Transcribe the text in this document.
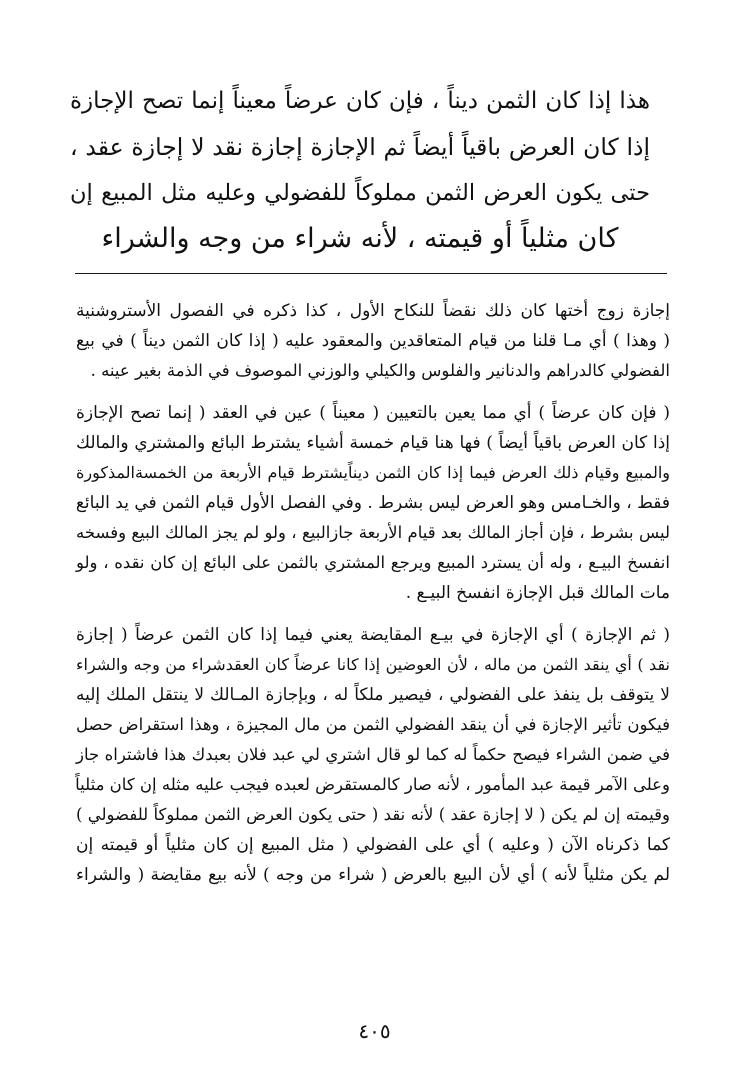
هذا إذا كان الثمن ديناً ، فإن كان عرضاً معيناً إنما تصح الإجازة
إذا كان العرض باقياً أيضاً ثم الإجازة إجازة نقد لا إجازة عقد ،
حتى يكون العرض الثمن مملوكاً للفضولي وعليه مثل المبيع إن
كان مثلياً أو قيمته ، لأنه شراء من وجه والشراء
إجازة زوج أختها كان ذلك نقضاً للنكاح الأول ، كذا ذكره في الفصول الأستروشنية
( وهذا ) أي مـا قلنا من قيام المتعاقدين والمعقود عليه ( إذا كان الثمن ديناً ) في بيع
الفضولي كالدراهم والدنانير والفلوس والكيلي والوزني الموصوف في الذمة بغير عينه .
( فإن كان عرضاً ) أي مما يعين بالتعيين ( معيناً ) عين في العقد ( إنما تصح الإجازة
إذا كان العرض باقياً أيضاً ) فها هنا قيام خمسة أشياء يشترط البائع والمشتري والمالك
والمبيع وقيام ذلك العرض فيما إذا كان الثمن ديناًيشترط قيام الأربعة من الخمسةالمذكورة
فقط ، والخـامس وهو العرض ليس بشرط . وفي الفصل الأول قيام الثمن في يد البائع
ليس بشرط ، فإن أجاز المالك بعد قيام الأربعة جازالبيع ، ولو لم يجز المالك البيع وفسخه
انفسخ البيـع ، وله أن يسترد المبيع ويرجع المشتري بالثمن على البائع إن كان نقده ، ولو
مات المالك قبل الإجازة انفسخ البيـع .
( ثم الإجازة ) أي الإجازة في بيـع المقايضة يعني فيما إذا كان الثمن عرضاً ( إجازة
نقد ) أي ينقد الثمن من ماله ، لأن العوضين إذا كانا عرضاً كان العقدشراء من وجه والشراء
لا يتوقف بل ينفذ على الفضولي ، فيصير ملكاً له ، وبإجازة المـالك لا ينتقل الملك إليه
فيكون تأثير الإجازة في أن ينقد الفضولي الثمن من مال المجيزة ، وهذا استقراض حصل
في ضمن الشراء فيصح حكماً له كما لو قال اشتري لي عبد فلان بعبدك هذا فاشتراه جاز
وعلى الآمر قيمة عبد المأمور ، لأنه صار كالمستقرض لعبده فيجب عليه مثله إن كان مثلياً
وقيمته إن لم يكن ( لا إجازة عقد ) لأنه نقد ( حتى يكون العرض الثمن مملوكاً للفضولي )
كما ذكرناه الآن ( وعليه ) أي على الفضولي ( مثل المبيع إن كان مثلياً أو قيمته إن
لم يكن مثلياً لأنه ) أي لأن البيع بالعرض ( شراء من وجه ) لأنه بيع مقايضة ( والشراء
٤٠٥
